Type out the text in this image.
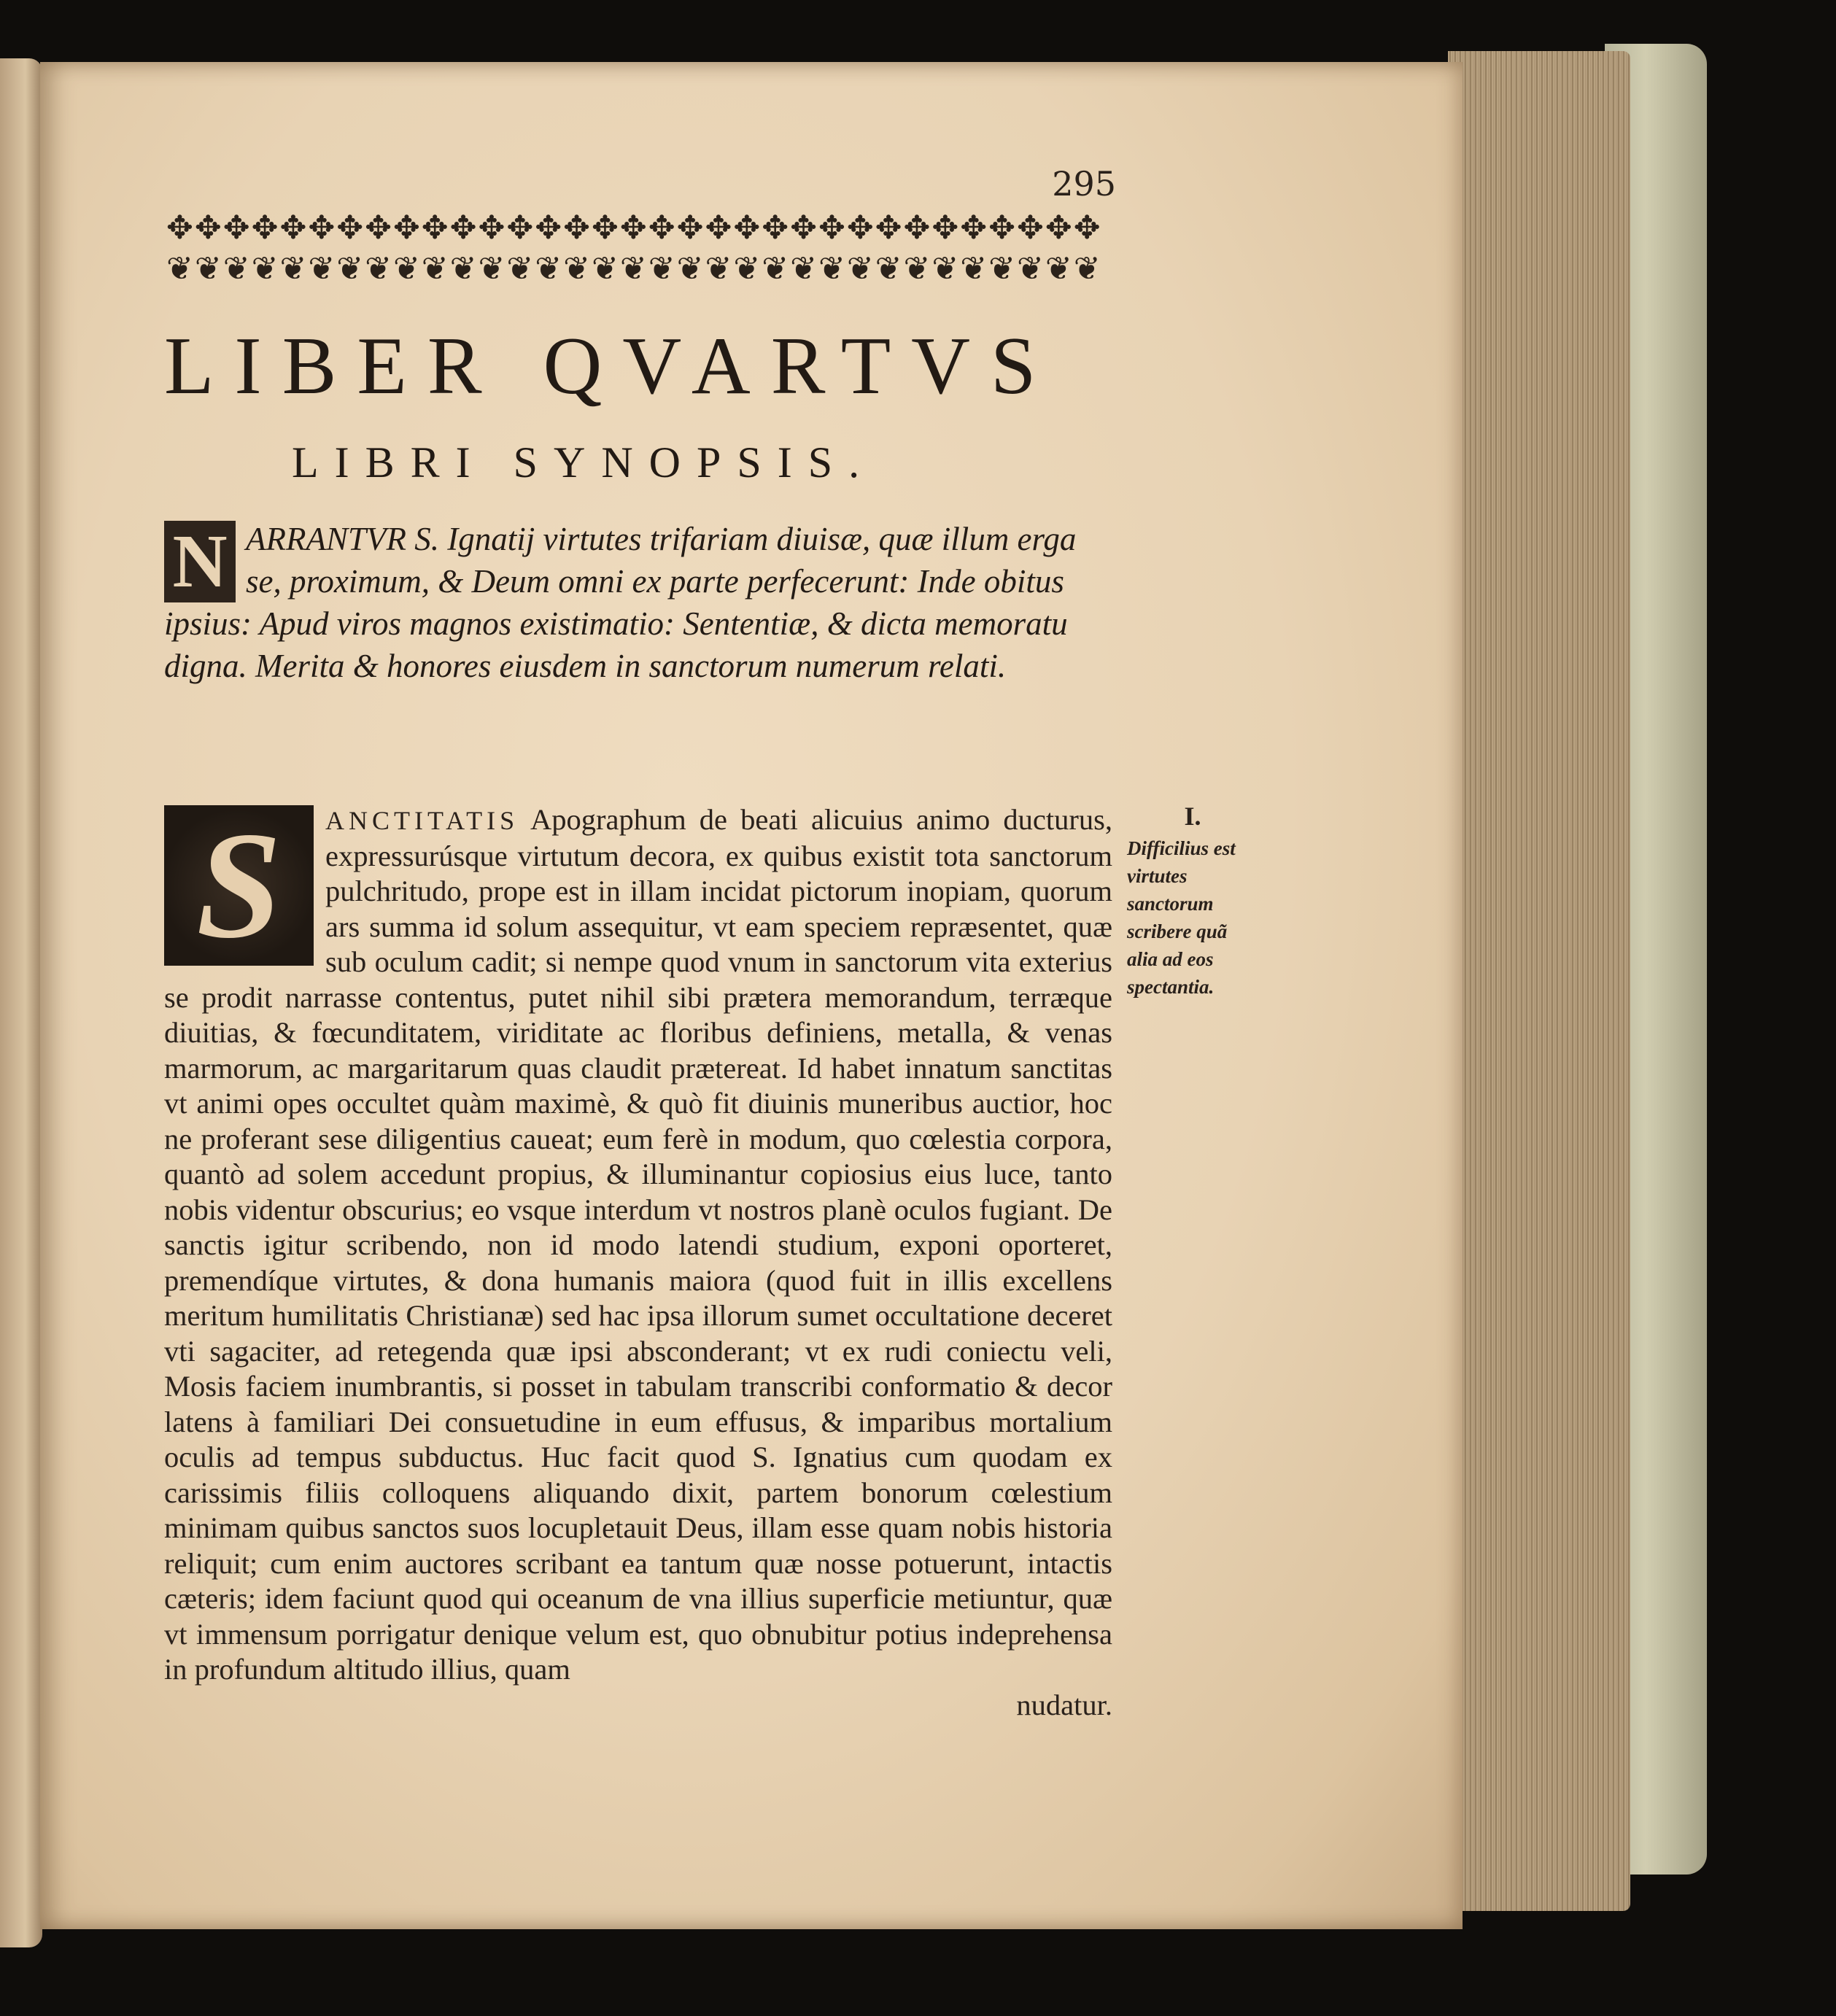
295
✥✥✥✥✥✥✥✥✥✥✥✥✥✥✥✥✥✥✥✥✥✥✥✥✥✥✥✥✥✥✥✥✥
❦❦❦❦❦❦❦❦❦❦❦❦❦❦❦❦❦❦❦❦❦❦❦❦❦❦❦❦❦❦❦❦❦
LIBER QVARTVS
LIBRI SYNOPSIS.
N ARRANTVR S. Ignatij virtutes trifariam diuisæ, quæ illum erga se, proximum, & Deum omni ex parte perfecerunt: Inde obitus ipsius: Apud viros magnos existimatio: Sententiæ, & dicta memoratu digna. Merita & honores eiusdem in sanctorum numerum relati.
S	ANCTITATIS Apographum de beati alicuius animo ducturus, expressurúsque virtutum decora, ex quibus existit tota sanctorum pulchritudo, prope est in illam incidat pictorum inopiam, quorum ars summa id solum assequitur, vt eam speciem repræsentet, quæ sub oculum cadit; si nempe quod vnum in sanctorum vita exterius se prodit narrasse contentus, putet nihil sibi prætera memorandum, terræque diuitias, & fœcunditatem, viriditate ac floribus definiens, metalla, & venas marmorum, ac margaritarum quas claudit prætereat. Id habet innatum sanctitas vt animi opes occultet quàm maximè, & quò fit diuinis muneribus auctior, hoc ne proferant sese diligentius caueat; eum ferè in modum, quo cœlestia corpora, quantò ad solem accedunt propius, & illuminantur copiosius eius luce, tanto nobis videntur obscurius; eo vsque interdum vt nostros planè oculos fugiant. De sanctis igitur scribendo, non id modo latendi studium, exponi oporteret, premendíque virtutes, & dona humanis maiora (quod fuit in illis excellens meritum humilitatis Christianæ) sed hac ipsa illorum sumet occultatione deceret vti sagaciter, ad retegenda quæ ipsi absconderant; vt ex rudi coniectu veli, Mosis faciem inumbrantis, si posset in tabulam transcribi conformatio & decor latens à familiari Dei consuetudine in eum effusus, & imparibus mortalium oculis ad tempus subductus. Huc facit quod S. Ignatius cum quodam ex carissimis filiis colloquens aliquando dixit, partem bonorum cœlestium minimam quibus sanctos suos locupletauit Deus, illam esse quam nobis historia reliquit; cum enim auctores scribant ea tantum quæ nosse potuerunt, intactis cæteris; idem faciunt quod qui oceanum de vna illius superficie metiuntur, quæ vt immensum porrigatur denique velum est, quo obnubitur potius indeprehensa in profundum altitudo illius, quam
nudatur.
I.
Difficilius est virtutes sanctorum scribere quã alia ad eos spectantia.
